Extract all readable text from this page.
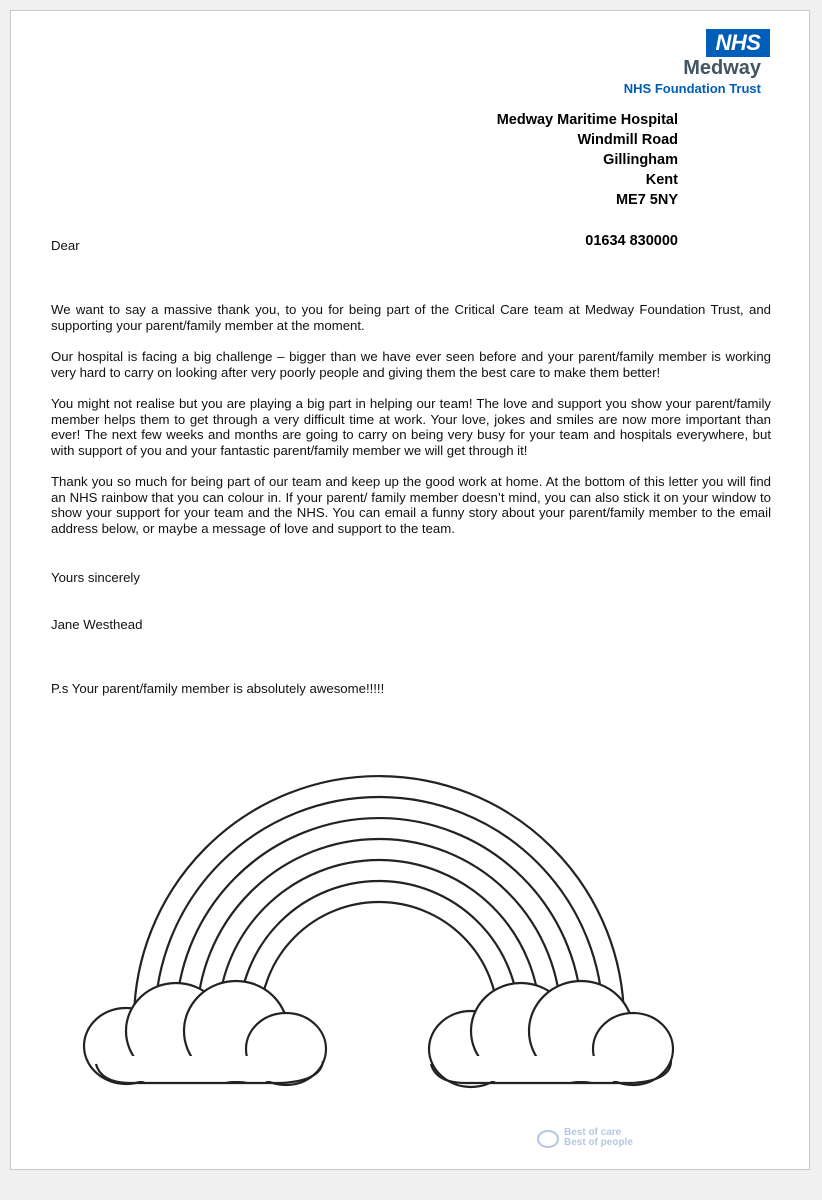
NHS
Medway
NHS Foundation Trust
Medway Maritime Hospital
Windmill Road
Gillingham
Kent
ME7 5NY
01634 830000
Dear
We want to say a massive thank you, to you for being part of the Critical Care team at Medway Foundation Trust, and supporting your parent/family member at the moment.
Our hospital is facing a big challenge – bigger than we have ever seen before and your parent/family member is working very hard to carry on looking after very poorly people and giving them the best care to make them better!
You might not realise but you are playing a big part in helping our team! The love and support you show your parent/family member helps them to get through a very difficult time at work. Your love, jokes and smiles are now more important than ever! The next few weeks and months are going to carry on being very busy for your team and hospitals everywhere, but with support of you and your fantastic parent/family member we will get through it!
Thank you so much for being part of our team and keep up the good work at home. At the bottom of this letter you will find an NHS rainbow that you can colour in. If your parent/ family member doesn’t mind, you can also stick it on your window to show your support for your team and the NHS. You can email a funny story about your parent/family member to the email address below, or maybe a message of love and support to the team.
Yours sincerely
Jane Westhead
P.s Your parent/family member is absolutely awesome!!!!!
Best of care
Best of people
